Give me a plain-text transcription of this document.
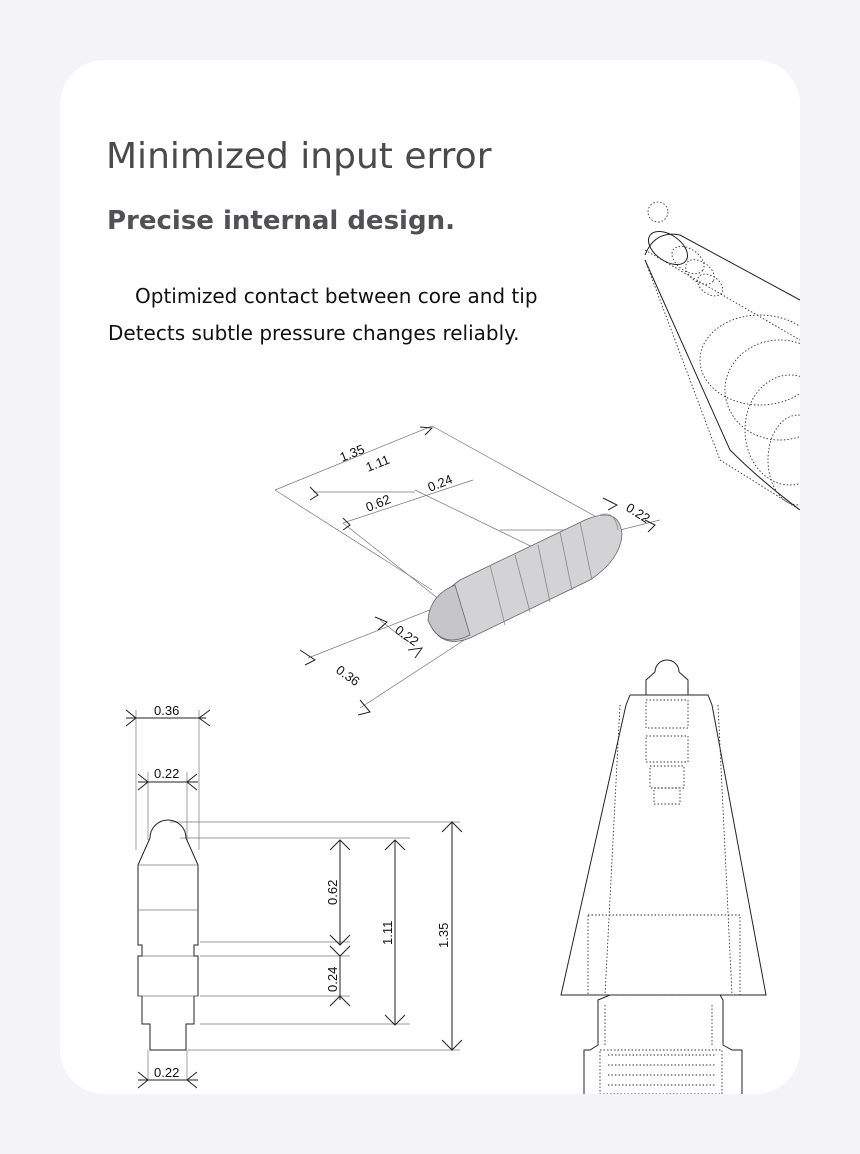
Minimized input error
Precise internal design.

Optimized contact between core and tip

Detects subtle pressure changes reliably.

1.35
1.11
0.62
0.24
0.22
0.22
0.36
0.36
0.22
0.62
0.24
1.11	1.35
0.22
